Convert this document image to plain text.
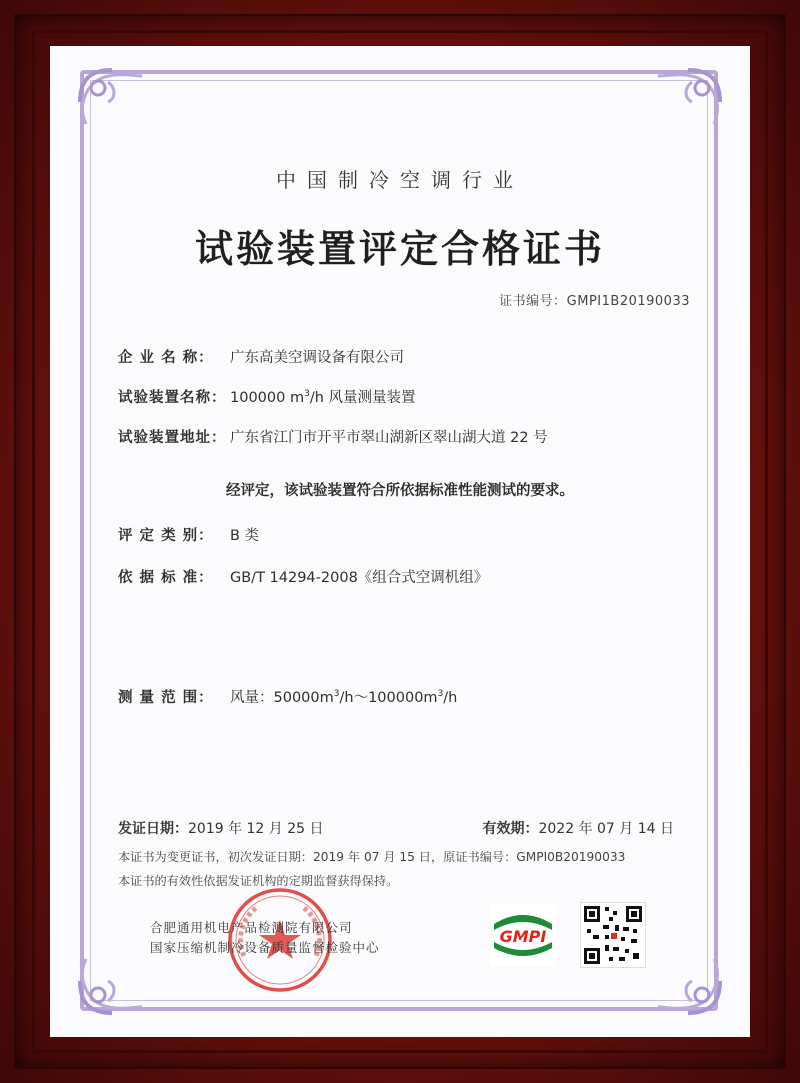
中国制冷空调行业
试验装置评定合格证书
证书编号：GMPI1B20190033
企 业 名 称： 广东高美空调设备有限公司
试验装置名称： 100000 $m^3/h$ 风量测量装置
试验装置地址： 广东省江门市开平市翠山湖新区翠山湖大道 22 号
经评定，该试验装置符合所依据标准性能测试的要求。
评 定 类 别： B 类
依 据 标 准： GB/T 14294-2008《组合式空调机组》
测 量 范 围： 风量：$50000m^3/h\sim 100000m^3/h$
发证日期：2019 年 12 月 25 日	有效期：2022 年 07 月 14 日
本证书为变更证书，初次发证日期：2019 年 07 月 15 日，原证书编号：GMPI0B20190033
本证书的有效性依据发证机构的定期监督获得保持。
合肥通用机电产品检测院有限公司
国家压缩机制冷设备质量监督检验中心
GMPI
